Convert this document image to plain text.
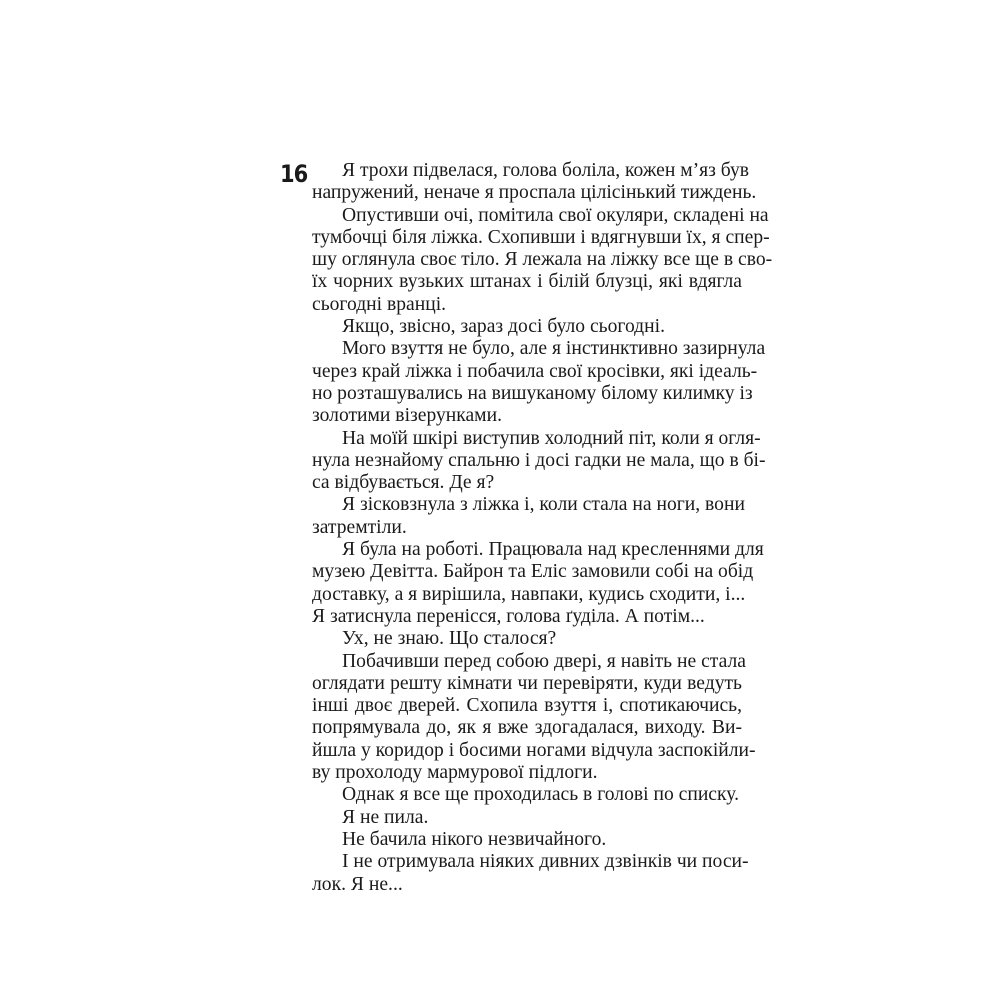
16	Я трохи підвелася, голова боліла, кожен м’яз був
напружений, неначе я проспала цілісінький тиждень.
Опустивши очі, помітила свої окуляри, складені на
тумбочці біля ліжка. Схопивши і вдягнувши їх, я спер-
шу оглянула своє тіло. Я лежала на ліжку все ще в сво-
їх чорних вузьких штанах і білій блузці, які вдягла
сьогодні вранці.
Якщо, звісно, зараз досі було сьогодні.
Мого взуття не було, але я інстинктивно зазирнула
через край ліжка і побачила свої кросівки, які ідеаль-
но розташувались на вишуканому білому килимку із
золотими візерунками.
На моїй шкірі виступив холодний піт, коли я огля-
нула незнайому спальню і досі гадки не мала, що в бі-
са відбувається. Де я?
Я зісковзнула з ліжка і, коли стала на ноги, вони
затремтіли.
Я була на роботі. Працювала над кресленнями для
музею Девітта. Байрон та Еліс замовили собі на обід
доставку, а я вирішила, навпаки, кудись сходити, і...
Я затиснула перенісся, голова ґуділа. А потім...
Ух, не знаю. Що сталося?
Побачивши перед собою двері, я навіть не стала
оглядати решту кімнати чи перевіряти, куди ведуть
інші двоє дверей. Схопила взуття і, спотикаючись,
попрямувала до, як я вже здогадалася, виходу. Ви-
йшла у коридор і босими ногами відчула заспокійли-
ву прохолоду мармурової підлоги.
Однак я все ще проходилась в голові по списку.
Я не пила.
Не бачила нікого незвичайного.
І не отримувала ніяких дивних дзвінків чи поси-
лок. Я не...
